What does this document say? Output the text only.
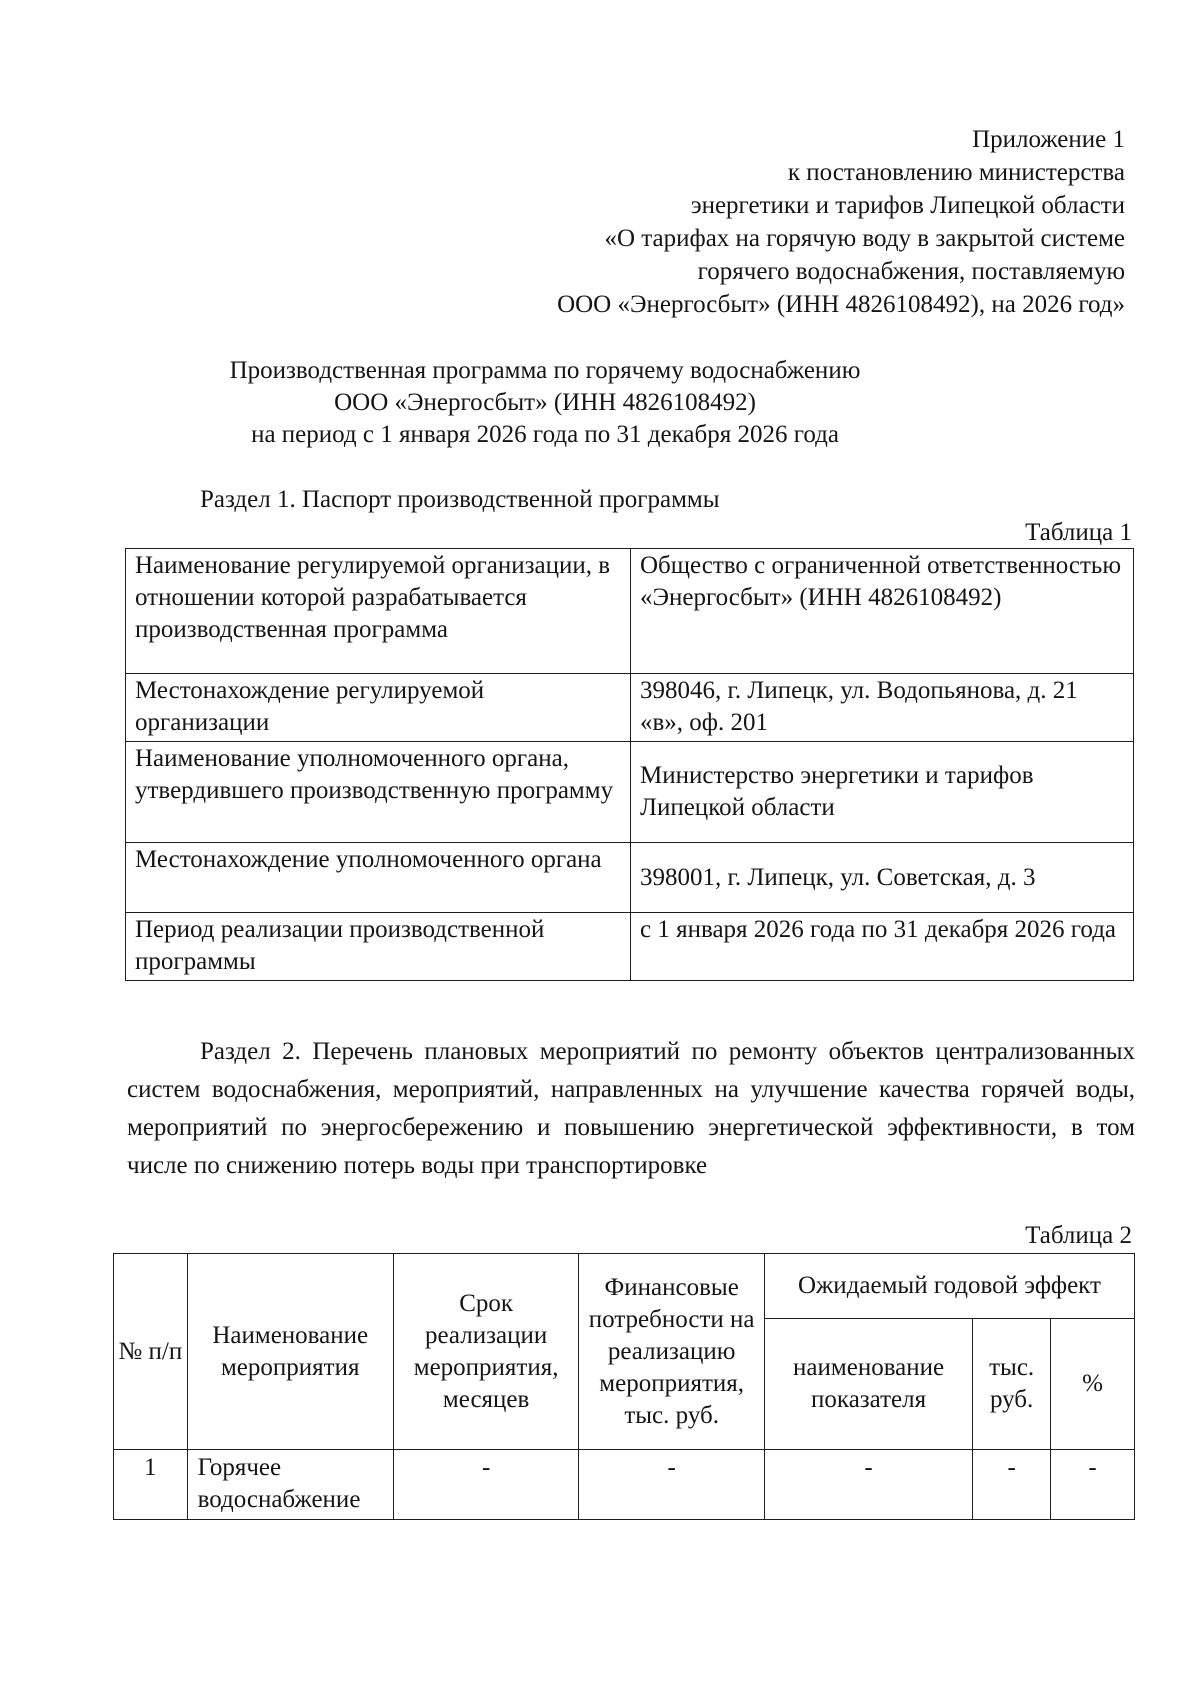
Приложение 1
к постановлению министерства
энергетики и тарифов Липецкой области
«О тарифах на горячую воду в закрытой системе
горячего водоснабжения, поставляемую
ООО «Энергосбыт» (ИНН 4826108492), на 2026 год»
Производственная программа по горячему водоснабжению
ООО «Энергосбыт» (ИНН 4826108492)
на период с 1 января 2026 года по 31 декабря 2026 года
Раздел 1. Паспорт производственной программы
Таблица 1
Наименование регулируемой организации, в отношении которой разрабатывается производственная программа	Общество с ограниченной ответственностью «Энергосбыт» (ИНН 4826108492)
Местонахождение регулируемой организации	398046, г. Липецк, ул. Водопьянова, д. 21 «в», оф. 201
Наименование уполномоченного органа, утвердившего производственную программу	Министерство энергетики и тарифов Липецкой области
Местонахождение уполномоченного органа	398001, г. Липецк, ул. Советская, д. 3
Период реализации производственной программы	с 1 января 2026 года по 31 декабря 2026 года
Раздел 2. Перечень плановых мероприятий по ремонту объектов централизованных систем водоснабжения, мероприятий, направленных на улучшение качества горячей воды, мероприятий по энергосбережению и повышению энергетической эффективности, в том числе по снижению потерь воды при транспортировке
Таблица 2
№ п/п	Наименование мероприятия	Срок реализации мероприятия, месяцев	Финансовые потребности на реализацию мероприятия, тыс. руб.	Ожидаемый годовой эффект		
				наименование показателя	тыс. руб.	%
1	Горячее водоснабжение	-	-	-	-	-
